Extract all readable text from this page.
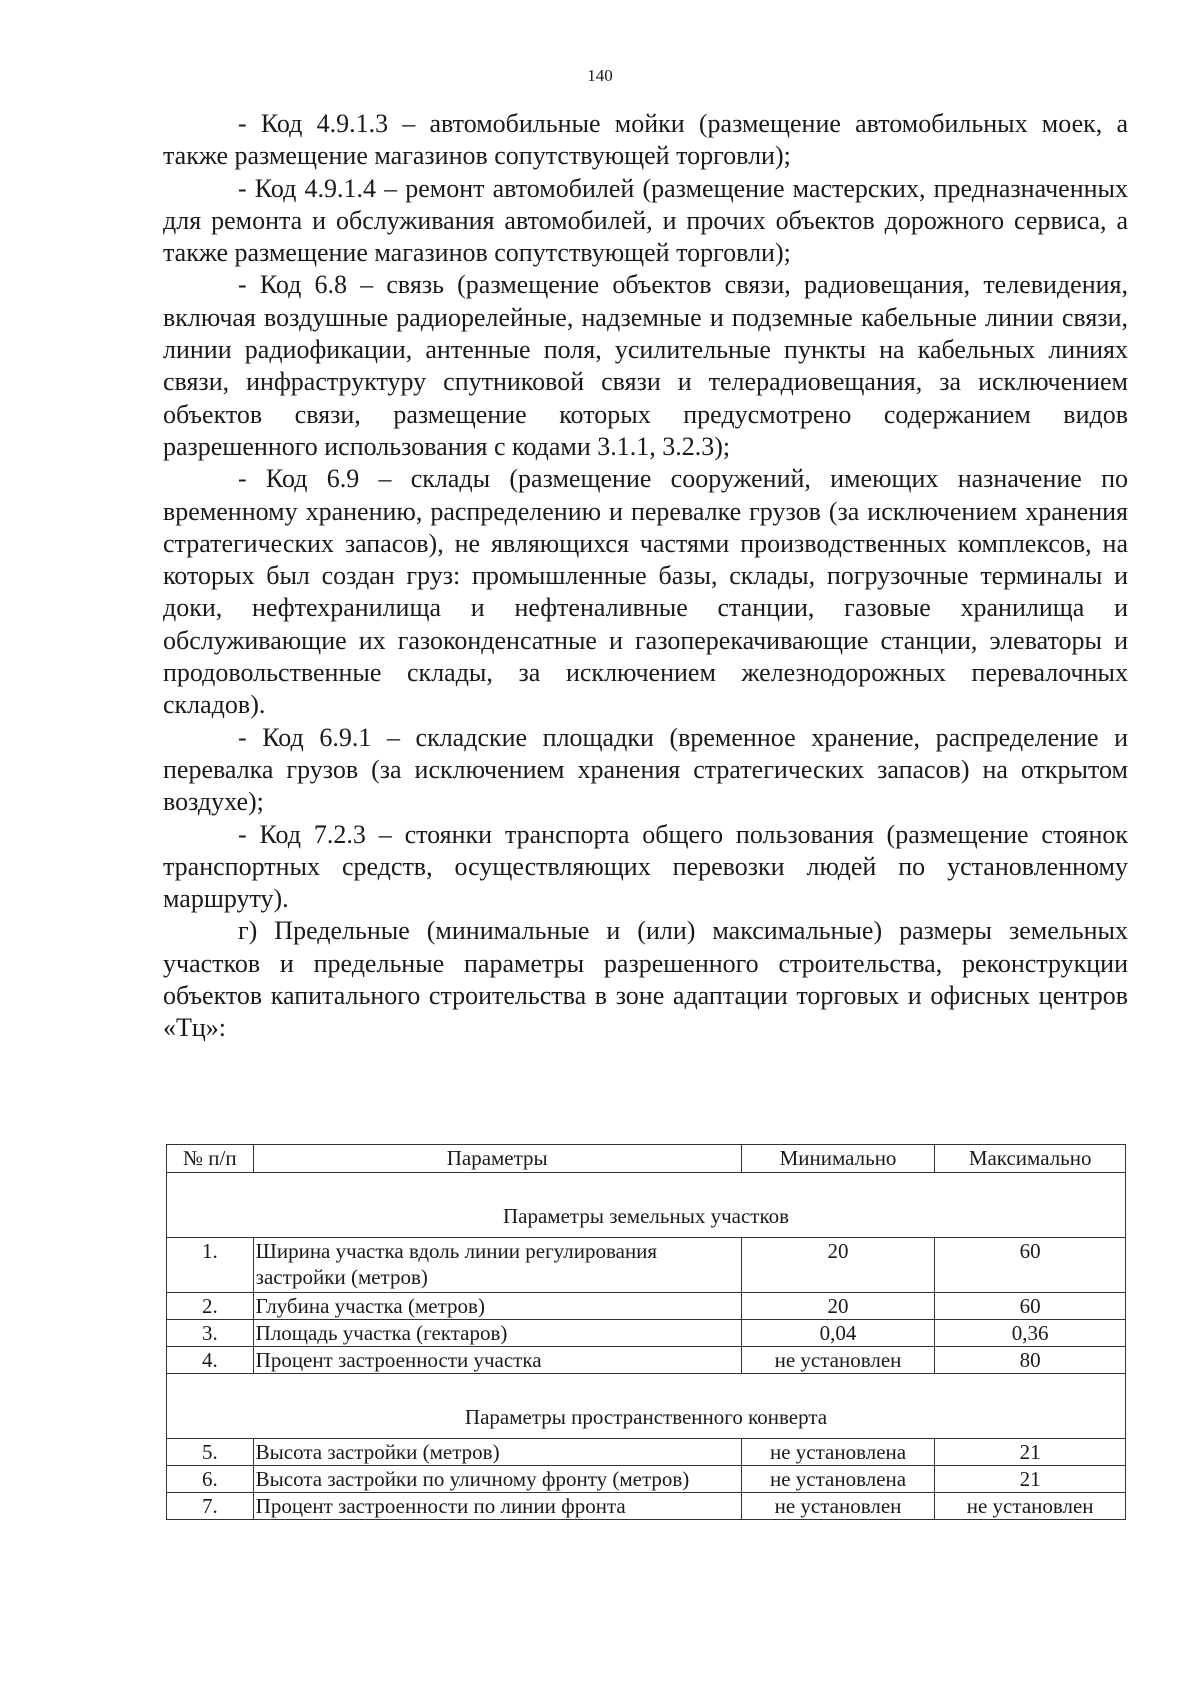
140

- Код 4.9.1.3 – автомобильные мойки (размещение автомобильных моек, а также размещение магазинов сопутствующей торговли);

- Код 4.9.1.4 – ремонт автомобилей (размещение мастерских, предназначенных для ремонта и обслуживания автомобилей, и прочих объектов дорожного сервиса, а также размещение магазинов сопутствующей торговли);

- Код 6.8 – связь (размещение объектов связи, радиовещания, телевидения, включая воздушные радиорелейные, надземные и подземные кабельные линии связи, линии радиофикации, антенные поля, усилительные пункты на кабельных линиях связи, инфраструктуру спутниковой связи и телерадиовещания, за исключением объектов связи, размещение которых предусмотрено содержанием видов разрешенного использования с кодами 3.1.1, 3.2.3);

- Код 6.9 – склады (размещение сооружений, имеющих назначение по временному хранению, распределению и перевалке грузов (за исключением хранения стратегических запасов), не являющихся частями производственных комплексов, на которых был создан груз: промышленные базы, склады, погрузочные терминалы и доки, нефтехранилища и нефтеналивные станции, газовые хранилища и обслуживающие их газоконденсатные и газоперекачивающие станции, элеваторы и продовольственные склады, за исключением железнодорожных перевалочных складов).

- Код 6.9.1 – складские площадки (временное хранение, распределение и перевалка грузов (за исключением хранения стратегических запасов) на открытом воздухе);

- Код 7.2.3 – стоянки транспорта общего пользования (размещение стоянок транспортных средств, осуществляющих перевозки людей по установленному маршруту).

г) Предельные (минимальные и (или) максимальные) размеры земельных участков и предельные параметры разрешенного строительства, реконструкции объектов капитального строительства в зоне адаптации торговых и офисных центров «Тц»:

№ п/п	Параметры	Минимально	Максимально
Параметры земельных участков			
1.	Ширина участка вдоль линии регулирования застройки (метров)	20	60
2.	Глубина участка (метров)	20	60
3.	Площадь участка (гектаров)	0,04	0,36
4.	Процент застроенности участка	не установлен	80
Параметры пространственного конверта			
5.	Высота застройки (метров)	не установлена	21
6.	Высота застройки по уличному фронту (метров)	не установлена	21
7.	Процент застроенности по линии фронта	не установлен	не установлен
